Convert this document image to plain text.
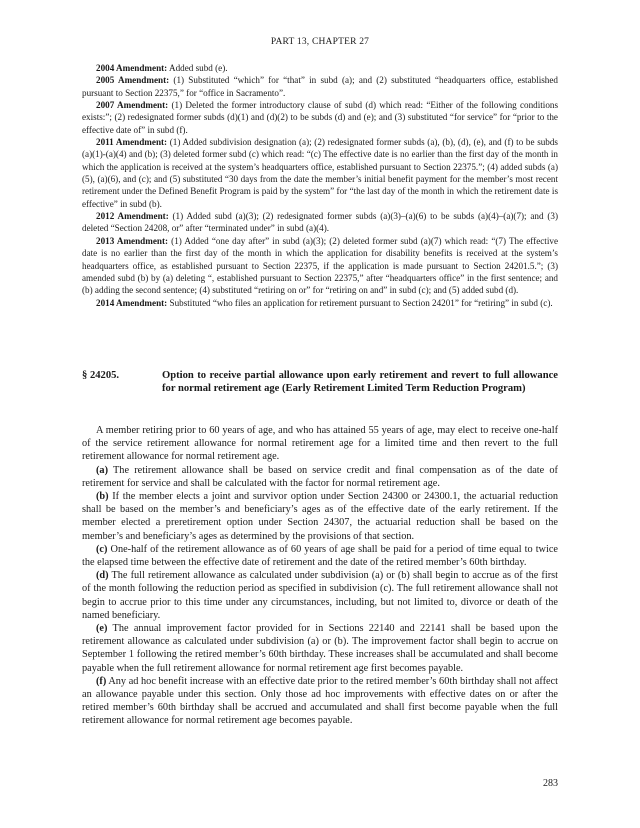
PART 13, CHAPTER 27

2004 Amendment: Added subd (e).

2005 Amendment: (1) Substituted “which” for “that” in subd (a); and (2) substituted “headquarters office, established pursuant to Section 22375,” for “office in Sacramento”.

2007 Amendment: (1) Deleted the former introductory clause of subd (d) which read: “Either of the following conditions exists:”; (2) redesignated former subds (d)(1) and (d)(2) to be subds (d) and (e); and (3) substituted “for service” for “prior to the effective date of” in subd (f).

2011 Amendment: (1) Added subdivision designation (a); (2) redesignated former subds (a), (b), (d), (e), and (f) to be subds (a)(1)-(a)(4) and (b); (3) deleted former subd (c) which read: “(c) The effective date is no earlier than the first day of the month in which the application is received at the system’s headquarters office, established pursuant to Section 22375.”; (4) added subds (a)(5), (a)(6), and (c); and (5) substituted “30 days from the date the member’s initial benefit payment for the member’s most recent retirement under the Defined Benefit Program is paid by the system” for “the last day of the month in which the retirement date is effective” in subd (b).

2012 Amendment: (1) Added subd (a)(3); (2) redesignated former subds (a)(3)–(a)(6) to be subds (a)(4)–(a)(7); and (3) deleted “Section 24208, or” after “terminated under” in subd (a)(4).

2013 Amendment: (1) Added “one day after” in subd (a)(3); (2) deleted former subd (a)(7) which read: “(7) The effective date is no earlier than the first day of the month in which the application for disability benefits is received at the system’s headquarters office, as established pursuant to Section 22375, if the application is made pursuant to Section 24201.5.”; (3) amended subd (b) by (a) deleting “, established pursuant to Section 22375,” after “headquarters office” in the first sentence; and (b) adding the second sentence; (4) substituted “retiring on or” for “retiring on and” in subd (c); and (5) added subd (d).

2014 Amendment: Substituted “who files an application for retirement pursuant to Section 24201” for “retiring” in subd (c).

§ 24205.	Option to receive partial allowance upon early retirement and revert to full allowance for normal retirement age (Early Retirement Limited Term Reduction Program)

A member retiring prior to 60 years of age, and who has attained 55 years of age, may elect to receive one-half of the service retirement allowance for normal retirement age for a limited time and then revert to the full retirement allowance for normal retirement age.

(a) The retirement allowance shall be based on service credit and final compensation as of the date of retirement for service and shall be calculated with the factor for normal retirement age.

(b) If the member elects a joint and survivor option under Section 24300 or 24300.1, the actuarial reduction shall be based on the member’s and beneficiary’s ages as of the effective date of the early retirement. If the member elected a preretirement option under Section 24307, the actuarial reduction shall be based on the member’s and beneficiary’s ages as determined by the provisions of that section.

(c) One-half of the retirement allowance as of 60 years of age shall be paid for a period of time equal to twice the elapsed time between the effective date of retirement and the date of the retired member’s 60th birthday.

(d) The full retirement allowance as calculated under subdivision (a) or (b) shall begin to accrue as of the first of the month following the reduction period as specified in subdivision (c). The full retirement allowance shall not begin to accrue prior to this time under any circumstances, including, but not limited to, divorce or death of the named beneficiary.

(e) The annual improvement factor provided for in Sections 22140 and 22141 shall be based upon the retirement allowance as calculated under subdivision (a) or (b). The improvement factor shall begin to accrue on September 1 following the retired member’s 60th birthday. These increases shall be accumulated and shall become payable when the full retirement allowance for normal retirement age first becomes payable.

(f) Any ad hoc benefit increase with an effective date prior to the retired member’s 60th birthday shall not affect an allowance payable under this section. Only those ad hoc improvements with effective dates on or after the retired member’s 60th birthday shall be accrued and accumulated and shall first become payable when the full retirement allowance for normal retirement age becomes payable.

283
